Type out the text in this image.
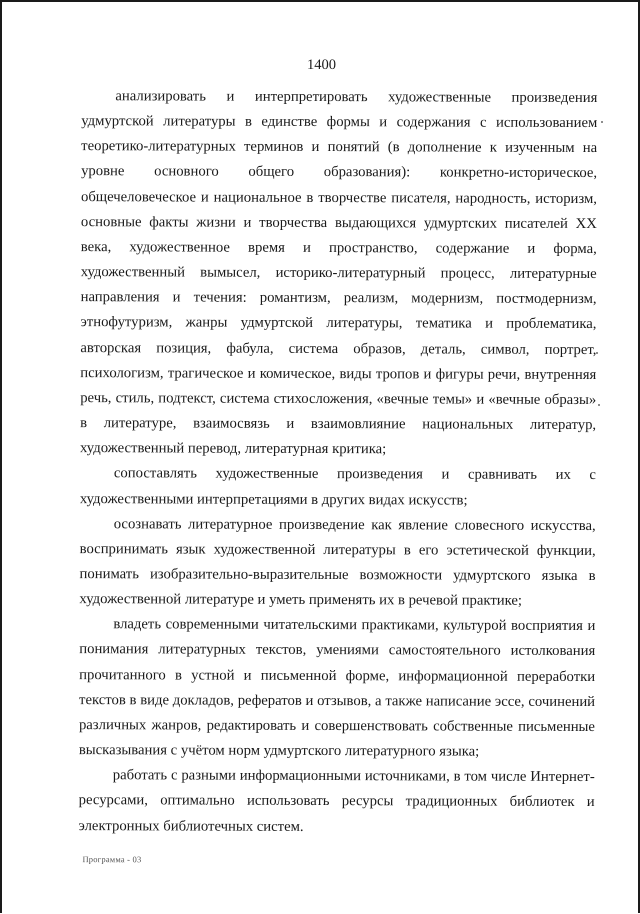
1400

анализировать и интерпретировать художественные произведения удмуртской литературы в единстве формы и содержания с использованием теоретико-литературных терминов и понятий (в дополнение к изученным на уровне основного общего образования): конкретно-историческое, общечеловеческое и национальное в творчестве писателя, народность, историзм, основные факты жизни и творчества выдающихся удмуртских писателей XX века, художественное время и пространство, содержание и форма, художественный вымысел, историко-литературный процесс, литературные направления и течения: романтизм, реализм, модернизм, постмодернизм, этнофутуризм, жанры удмуртской литературы, тематика и проблематика, авторская позиция, фабула, система образов, деталь, символ, портрет, психологизм, трагическое и комическое, виды тропов и фигуры речи, внутренняя речь, стиль, подтекст, система стихосложения, «вечные темы» и «вечные образы» в литературе, взаимосвязь и взаимовлияние национальных литератур, художественный перевод, литературная критика;

сопоставлять художественные произведения и сравнивать их с художественными интерпретациями в других видах искусств;

осознавать литературное произведение как явление словесного искусства, воспринимать язык художественной литературы в его эстетической функции, понимать изобразительно-выразительные возможности удмуртского языка в художественной литературе и уметь применять их в речевой практике;

владеть современными читательскими практиками, культурой восприятия и понимания литературных текстов, умениями самостоятельного истолкования прочитанного в устной и письменной форме, информационной переработки текстов в виде докладов, рефератов и отзывов, а также написание эссе, сочинений различных жанров, редактировать и совершенствовать собственные письменные высказывания с учётом норм удмуртского литературного языка;

работать с разными информационными источниками, в том числе Интернет-ресурсами, оптимально использовать ресурсы традиционных библиотек и электронных библиотечных систем.

Программа - 03
